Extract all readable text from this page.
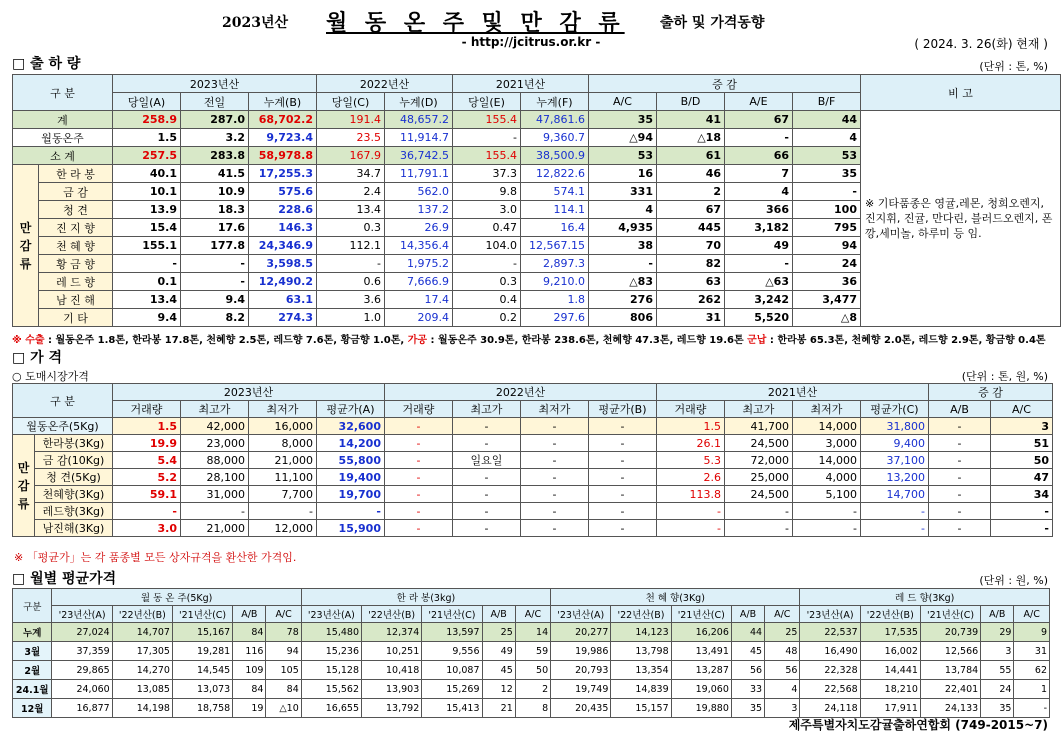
2023년산 월 동 온 주 및 만 감 류	출하 및 가격동향
- http://jcitrus.or.kr -	( 2024. 3. 26(화) 현재 )
□ 출 하 량	(단위 : 톤, %)
구 분		2023년산			2022년산		2021년산		증 감				비 고
		당일(A)	전일	누계(B)	당일(C)	누계(D)	당일(E)	누계(F)	A/C	B/D	A/E	B/F	
계		258.9	287.0	68,702.2	191.4	48,657.2	155.4	47,861.6	35	41	67	44	※ 기타품종은 영귤,레몬, 청희오렌지, 진지휘, 진귤, 만다린, 블러드오렌지, 폰깡,세미놀, 하루미 등 임.
월동온주		1.5	3.2	9,723.4	23.5	11,914.7	-	9,360.7	△94	△18	-	4	
소 계		257.5	283.8	58,978.8	167.9	36,742.5	155.4	38,500.9	53	61	66	53	

만
감
류	한 라 봉	40.1	41.5	17,255.3	34.7	11,791.1	37.3	12,822.6	16	46	7	35	
	금 감	10.1	10.9	575.6	2.4	562.0	9.8	574.1	331	2	4	-	
	청 견	13.9	18.3	228.6	13.4	137.2	3.0	114.1	4	67	366	100	
	진 지 향	15.4	17.6	146.3	0.3	26.9	0.47	16.4	4,935	445	3,182	795	
	천 혜 향	155.1	177.8	24,346.9	112.1	14,356.4	104.0	12,567.15	38	70	49	94	
	황 금 향	-	-	3,598.5	-	1,975.2	-	2,897.3	-	82	-	24	
	레 드 향	0.1	-	12,490.2	0.6	7,666.9	0.3	9,210.0	△83	63	△63	36	
	남 진 해	13.4	9.4	63.1	3.6	17.4	0.4	1.8	276	262	3,242	3,477	
	기 타	9.4	8.2	274.3	1.0	209.4	0.2	297.6	806	31	5,520	△8	
※ 수출 : 월동온주 1.8톤, 한라봉 17.8톤, 천혜향 2.5톤, 레드향 7.6톤, 황금향 1.0톤, 가공 : 월동온주 30.9톤, 한라봉 238.6톤, 천혜향 47.3톤, 레드향 19.6톤 군납 : 한라봉 65.3톤, 천혜향 2.0톤, 레드향 2.9톤, 황금향 0.4톤
□ 가 격
○ 도매시장가격	(단위 : 톤, 원, %)
구 분		2023년산				2022년산				2021년산				증 감	
		거래량	최고가	최저가	평균가(A)	거래량	최고가	최저가	평균가(B)	거래량	최고가	최저가	평균가(C)	A/B	A/C
월동온주(5Kg)		1.5	42,000	16,000	32,600	-	-	-	-	1.5	41,700	14,000	31,800	-	3

만
감
류	한라봉(3Kg)	19.9	23,000	8,000	14,200	-	-	-	-	26.1	24,500	3,000	9,400	-	51
	금 감(10Kg)	5.4	88,000	21,000	55,800	-	일요일	-	-	5.3	72,000	14,000	37,100	-	50
	청 견(5Kg)	5.2	28,100	11,100	19,400	-	-	-	-	2.6	25,000	4,000	13,200	-	47
	천혜향(3Kg)	59.1	31,000	7,700	19,700	-	-	-	-	113.8	24,500	5,100	14,700	-	34
	레드향(3Kg)	-	-	-	-	-	-	-	-	-	-	-	-	-	-
	남진해(3Kg)	3.0	21,000	12,000	15,900	-	-	-	-	-	-	-	-	-	-
※ 「평균가」는 각 품종별 모든 상자규격을 환산한 가격임.
□ 월별 평균가격	(단위 : 원, %)
구분	월 동 온 주(5Kg)					한 라 봉(3kg)					천 혜 향(3Kg)					레 드 향(3Kg)				
	'23년산(A)	'22년산(B)	'21년산(C)	A/B	A/C	'23년산(A)	'22년산(B)	'21년산(C)	A/B	A/C	'23년산(A)	'22년산(B)	'21년산(C)	A/B	A/C	'23년산(A)	'22년산(B)	'21년산(C)	A/B	A/C
누계	27,024	14,707	15,167	84	78	15,480	12,374	13,597	25	14	20,277	14,123	16,206	44	25	22,537	17,535	20,739	29	9
3월	37,359	17,305	19,281	116	94	15,236	10,251	9,556	49	59	19,986	13,798	13,491	45	48	16,490	16,002	12,566	3	31
2월	29,865	14,270	14,545	109	105	15,128	10,418	10,087	45	50	20,793	13,354	13,287	56	56	22,328	14,441	13,784	55	62
24.1월	24,060	13,085	13,073	84	84	15,562	13,903	15,269	12	2	19,749	14,839	19,060	33	4	22,568	18,210	22,401	24	1
12월	16,877	14,198	18,758	19	△10	16,655	13,792	15,413	21	8	20,435	15,157	19,880	35	3	24,118	17,911	24,133	35	-
제주특별자치도감귤출하연합회 (749-2015~7)
